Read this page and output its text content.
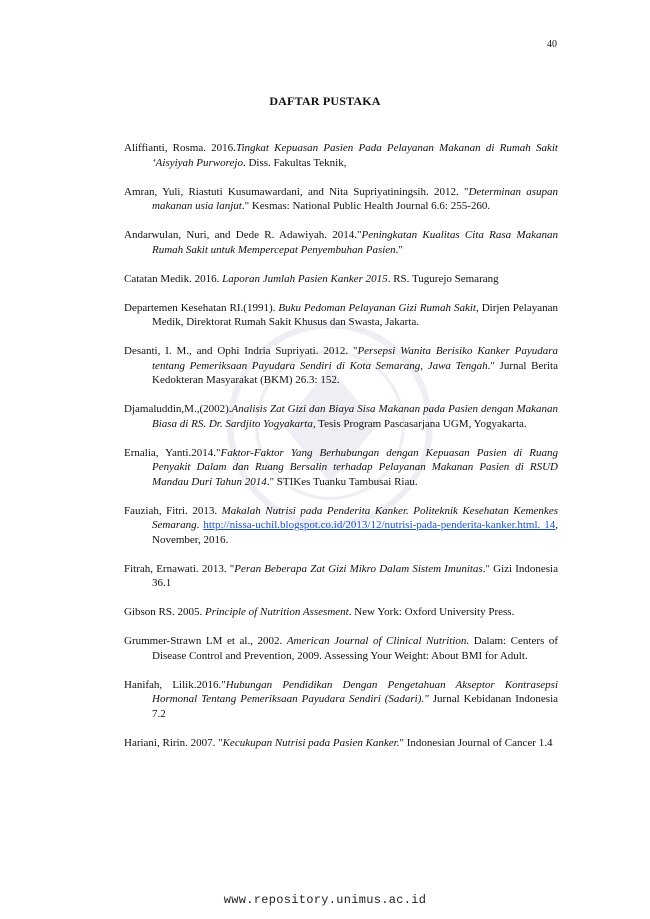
40
DAFTAR PUSTAKA

Aliffianti, Rosma. 2016.Tingkat Kepuasan Pasien Pada Pelayanan Makanan di Rumah Sakit ‘Aisyiyah Purworejo. Diss. Fakultas Teknik,

Amran, Yuli, Riastuti Kusumawardani, and Nita Supriyatiningsih. 2012. "Determinan asupan makanan usia lanjut." Kesmas: National Public Health Journal 6.6: 255-260.

Andarwulan, Nuri, and Dede R. Adawiyah. 2014."Peningkatan Kualitas Cita Rasa Makanan Rumah Sakit untuk Mempercepat Penyembuhan Pasien."

Catatan Medik. 2016. Laporan Jumlah Pasien Kanker 2015. RS. Tugurejo Semarang

Departemen Kesehatan RI.(1991). Buku Pedoman Pelayanan Gizi Rumah Sakit, Dirjen Pelayanan Medik, Direktorat Rumah Sakit Khusus dan Swasta, Jakarta.

Desanti, I. M., and Ophi Indria Supriyati. 2012. "Persepsi Wanita Berisiko Kanker Payudara tentang Pemeriksaan Payudara Sendiri di Kota Semarang, Jawa Tengah." Jurnal Berita Kedokteran Masyarakat (BKM) 26.3: 152.

Djamaluddin,M.,(2002).Analisis Zat Gizi dan Biaya Sisa Makanan pada Pasien dengan Makanan Biasa di RS. Dr. Sardjito Yogyakarta, Tesis Program Pascasarjana UGM, Yogyakarta.

Ernalia, Yanti.2014."Faktor-Faktor Yang Berhubungan dengan Kepuasan Pasien di Ruang Penyakit Dalam dan Ruang Bersalin terhadap Pelayanan Makanan Pasien di RSUD Mandau Duri Tahun 2014." STIKes Tuanku Tambusai Riau.

Fauziah, Fitri. 2013. Makalah Nutrisi pada Penderita Kanker. Politeknik Kesehatan Kemenkes Semarang. http://nissa-uchil.blogspot.co.id/2013/12/nutrisi-pada-penderita-kanker.html. 14, November, 2016.

Fitrah, Ernawati. 2013. "Peran Beberapa Zat Gizi Mikro Dalam Sistem Imunitas." Gizi Indonesia 36.1

Gibson RS. 2005. Principle of Nutrition Assesment. New York: Oxford University Press.

Grummer-Strawn LM et al., 2002. American Journal of Clinical Nutrition. Dalam: Centers of Disease Control and Prevention, 2009. Assessing Your Weight: About BMI for Adult.

Hanifah, Lilik.2016."Hubungan Pendidikan Dengan Pengetahuan Akseptor Kontrasepsi Hormonal Tentang Pemeriksaan Payudara Sendiri (Sadari)." Jurnal Kebidanan Indonesia 7.2

Hariani, Ririn. 2007. "Kecukupan Nutrisi pada Pasien Kanker." Indonesian Journal of Cancer 1.4

www.repository.unimus.ac.id
